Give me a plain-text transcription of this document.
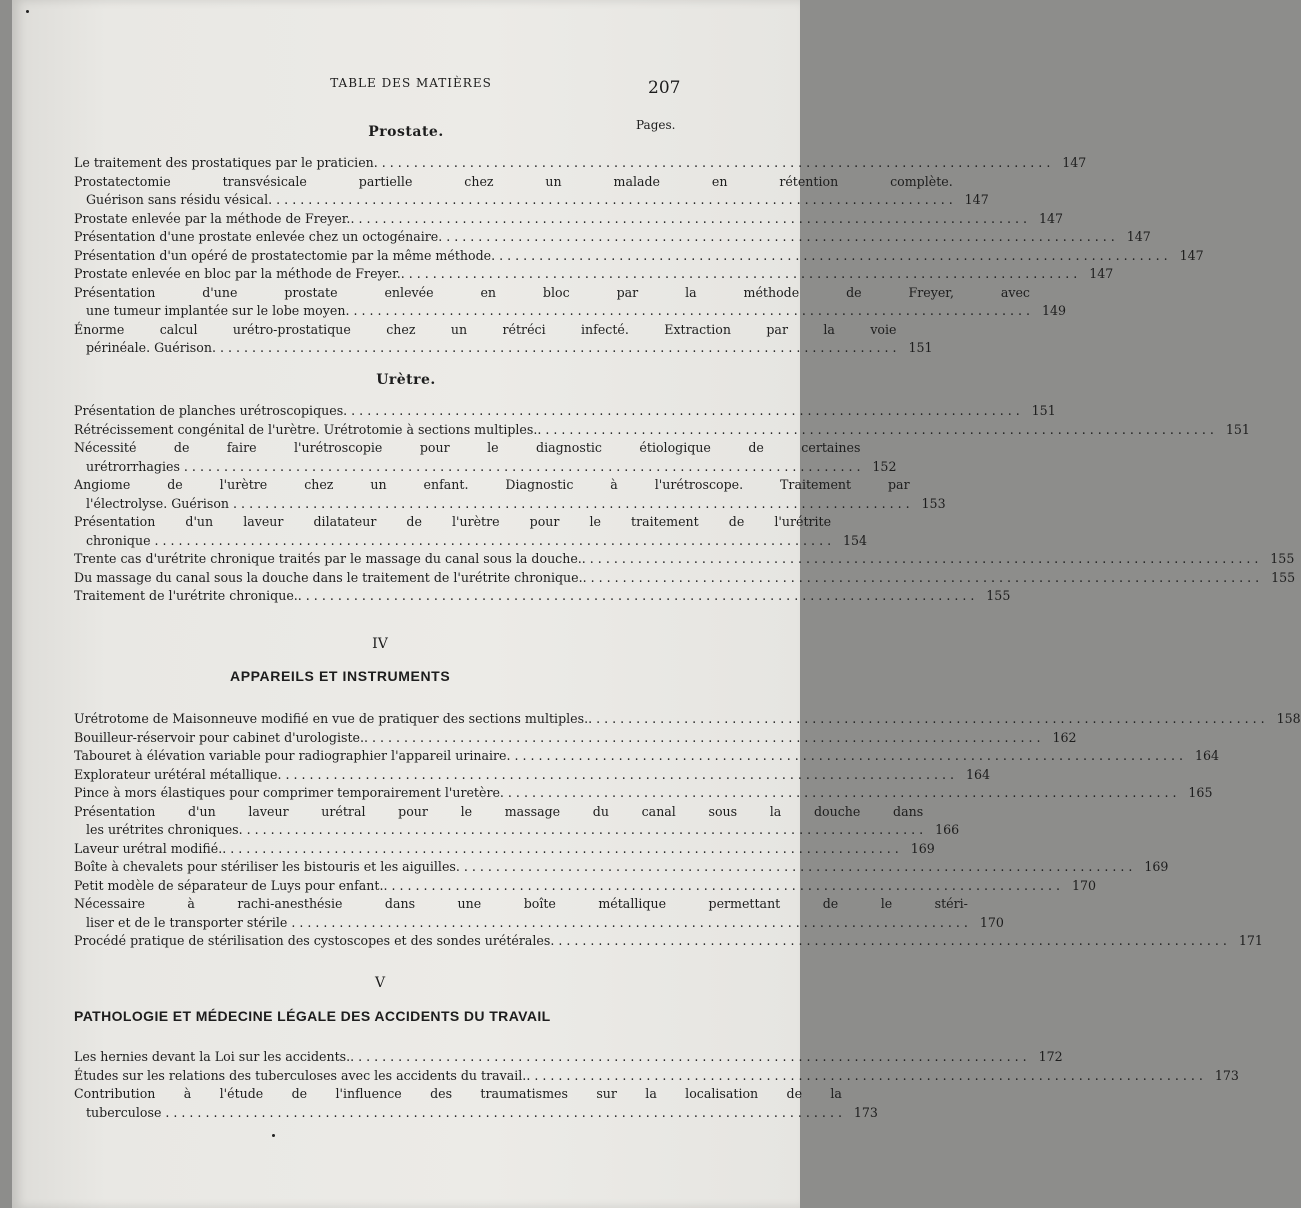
TABLE DES MATIÈRES	207
Pages.
Prostate.
Le traitement des prostatiques par le praticien . . .	147
Prostatectomie transvésicale partielle chez un malade en rétention complète.
Guérison sans résidu vésical. . . .	147
Prostate enlevée par la méthode de Freyer. . . .	147
Présentation d'une prostate enlevée chez un octogénaire . . .	147
Présentation d'un opéré de prostatectomie par la même méthode . . .	147
Prostate enlevée en bloc par la méthode de Freyer. . . .	147
Présentation d'une prostate enlevée en bloc par la méthode de Freyer, avec
une tumeur implantée sur le lobe moyen. . . .	149
Énorme calcul urétro-prostatique chez un rétréci infecté. Extraction par la voie
périnéale. Guérison. . . .	151
Urètre.
Présentation de planches urétroscopiques . . .	151
Rétrécissement congénital de l'urètre. Urétrotomie à sections multiples. . . .	151
Nécessité de faire l'urétroscopie pour le diagnostic étiologique de certaines
urétrorrhagies . . .	152
Angiome de l'urètre chez un enfant. Diagnostic à l'urétroscope. Traitement par
l'électrolyse. Guérison . . .	153
Présentation d'un laveur dilatateur de l'urètre pour le traitement de l'urétrite
chronique . . .	154
Trente cas d'urétrite chronique traités par le massage du canal sous la douche. . . .	155
Du massage du canal sous la douche dans le traitement de l'urétrite chronique. . . .	155
Traitement de l'urétrite chronique. . . .	155
IV
APPAREILS ET INSTRUMENTS
Urétrotome de Maisonneuve modifié en vue de pratiquer des sections multiples. . . .	158
Bouilleur-réservoir pour cabinet d'urologiste. . . .	162
Tabouret à élévation variable pour radiographier l'appareil urinaire . . .	164
Explorateur urétéral métallique . . .	164
Pince à mors élastiques pour comprimer temporairement l'uretère . . .	165
Présentation d'un laveur urétral pour le massage du canal sous la douche dans
les urétrites chroniques. . . .	166
Laveur urétral modifié. . . .	169
Boîte à chevalets pour stériliser les bistouris et les aiguilles . . .	169
Petit modèle de séparateur de Luys pour enfant. . . .	170
Nécessaire à rachi-anesthésie dans une boîte métallique permettant de le stéri-
liser et de le transporter stérile . . .	170
Procédé pratique de stérilisation des cystoscopes et des sondes urétérales . . .	171
V
PATHOLOGIE ET MÉDECINE LÉGALE DES ACCIDENTS DU TRAVAIL
Les hernies devant la Loi sur les accidents. . . .	172
Études sur les relations des tuberculoses avec les accidents du travail. . . .	173
Contribution à l'étude de l'influence des traumatismes sur la localisation de la
tuberculose . . .	173
